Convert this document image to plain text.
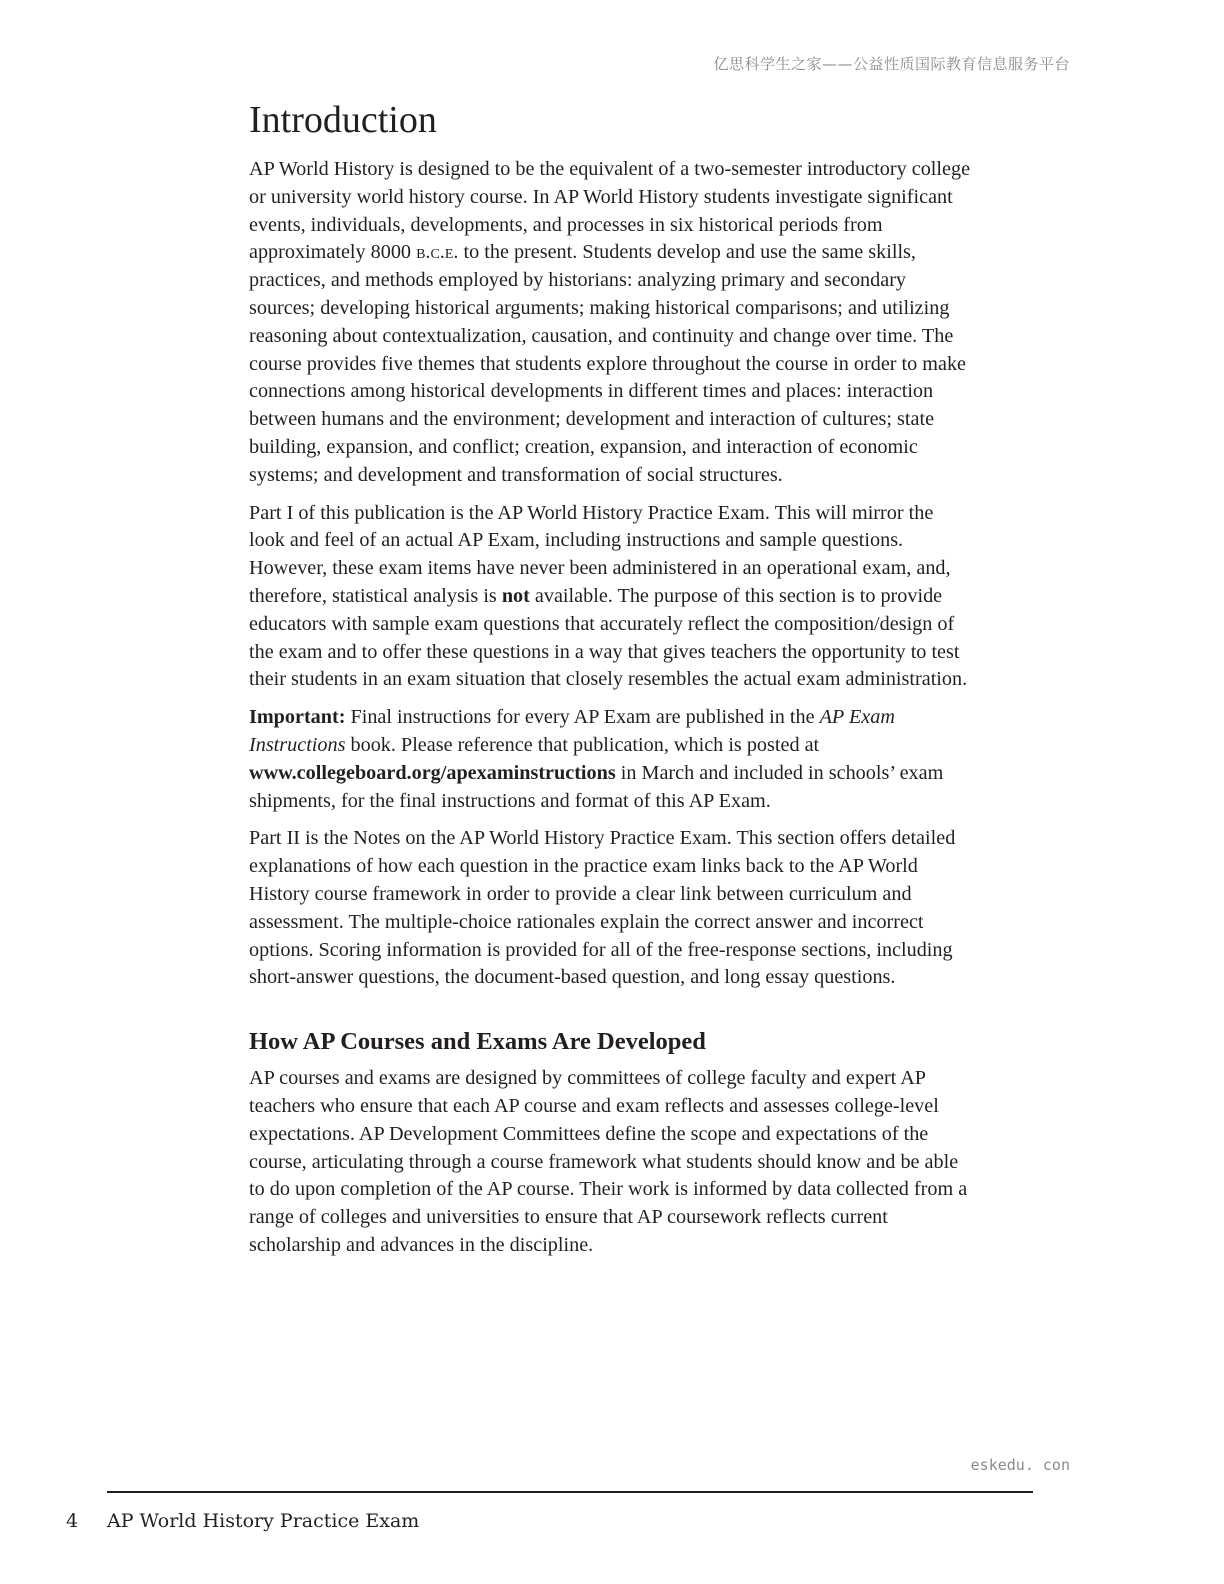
亿思科学生之家——公益性质国际教育信息服务平台
Introduction

AP World History is designed to be the equivalent of a two-semester introductory college or university world history course. In AP World History students investigate significant events, individuals, developments, and processes in six historical periods from approximately 8000 b.c.e. to the present. Students develop and use the same skills, practices, and methods employed by historians: analyzing primary and secondary sources; developing historical arguments; making historical comparisons; and utilizing reasoning about contextualization, causation, and continuity and change over time. The course provides five themes that students explore throughout the course in order to make connections among historical developments in different times and places: interaction between humans and the environment; development and interaction of cultures; state building, expansion, and conflict; creation, expansion, and interaction of economic systems; and development and transformation of social structures.

Part I of this publication is the AP World History Practice Exam. This will mirror the look and feel of an actual AP Exam, including instructions and sample questions. However, these exam items have never been administered in an operational exam, and, therefore, statistical analysis is not available. The purpose of this section is to provide educators with sample exam questions that accurately reflect the composition/design of the exam and to offer these questions in a way that gives teachers the opportunity to test their students in an exam situation that closely resembles the actual exam administration.

Important: Final instructions for every AP Exam are published in the AP Exam Instructions book. Please reference that publication, which is posted at www.collegeboard.org/apexaminstructions in March and included in schools’ exam shipments, for the final instructions and format of this AP Exam.

Part II is the Notes on the AP World History Practice Exam. This section offers detailed explanations of how each question in the practice exam links back to the AP World History course framework in order to provide a clear link between curriculum and assessment. The multiple-choice rationales explain the correct answer and incorrect options. Scoring information is provided for all of the free-response sections, including short-answer questions, the document-based question, and long essay questions.

How AP Courses and Exams Are Developed

AP courses and exams are designed by committees of college faculty and expert AP teachers who ensure that each AP course and exam reflects and assesses college-level expectations. AP Development Committees define the scope and expectations of the course, articulating through a course framework what students should know and be able to do upon completion of the AP course. Their work is informed by data collected from a range of colleges and universities to ensure that AP coursework reflects current scholarship and advances in the discipline.

eskedu. con
4 AP World History Practice Exam
